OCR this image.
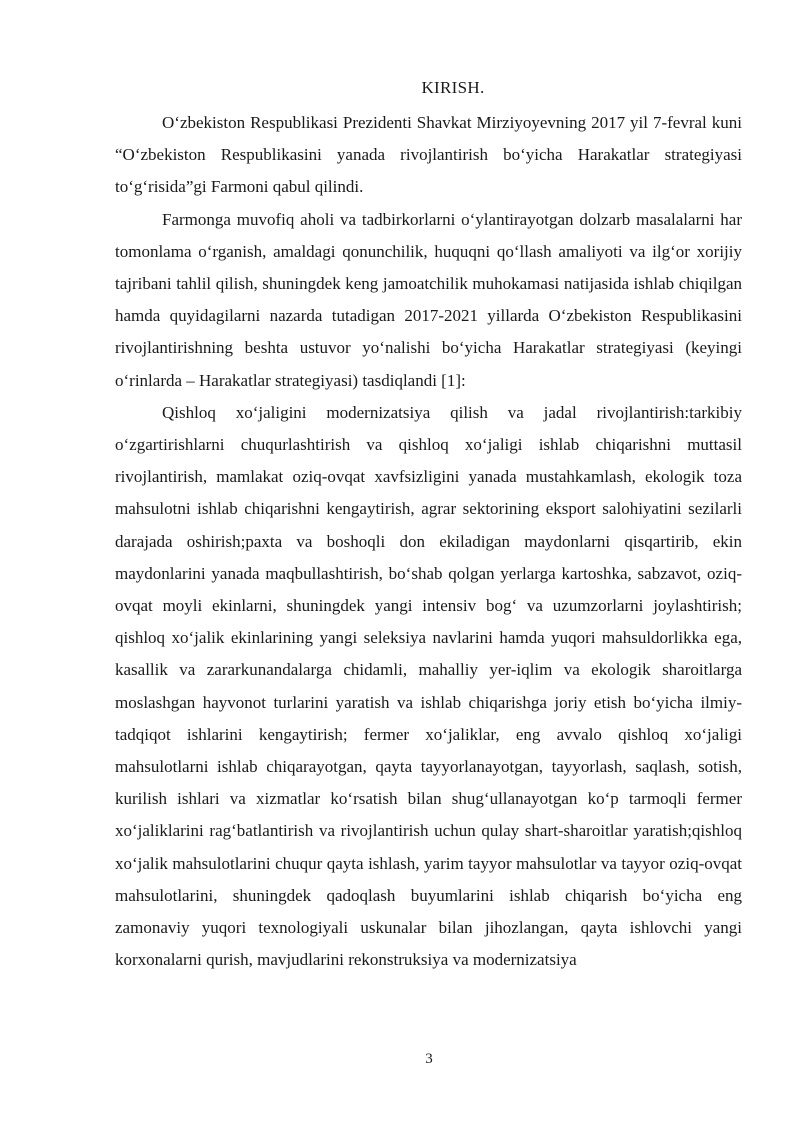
KIRISH.

O‘zbekiston Respublikasi Prezidenti Shavkat Mirziyoyevning 2017 yil 7-fevral kuni “O‘zbekiston Respublikasini yanada rivojlantirish bo‘yicha Harakatlar strategiyasi to‘g‘risida”gi Farmoni qabul qilindi.

Farmonga muvofiq aholi va tadbirkorlarni o‘ylantirayotgan dolzarb masalalarni har tomonlama o‘rganish, amaldagi qonunchilik, huquqni qo‘llash amaliyoti va ilg‘or xorijiy tajribani tahlil qilish, shuningdek keng jamoatchilik muhokamasi natijasida ishlab chiqilgan hamda quyidagilarni nazarda tutadigan 2017-2021 yillarda O‘zbekiston Respublikasini rivojlantirishning beshta ustuvor yo‘nalishi bo‘yicha Harakatlar strategiyasi (keyingi o‘rinlarda – Harakatlar strategiyasi) tasdiqlandi [1]:

Qishloq xo‘jaligini modernizatsiya qilish va jadal rivojlantirish:tarkibiy o‘zgartirishlarni chuqurlashtirish va qishloq xo‘jaligi ishlab chiqarishni muttasil rivojlantirish, mamlakat oziq-ovqat xavfsizligini yanada mustahkamlash, ekologik toza mahsulotni ishlab chiqarishni kengaytirish, agrar sektorining eksport salohiyatini sezilarli darajada oshirish;paxta va boshoqli don ekiladigan maydonlarni qisqartirib, ekin maydonlarini yanada maqbullashtirish, bo‘shab qolgan yerlarga kartoshka, sabzavot, oziq-ovqat moyli ekinlarni, shuningdek yangi intensiv bog‘ va uzumzorlarni joylashtirish; qishloq xo‘jalik ekinlarining yangi seleksiya navlarini hamda yuqori mahsuldorlikka ega, kasallik va zararkunandalarga chidamli, mahalliy yer-iqlim va ekologik sharoitlarga moslashgan hayvonot turlarini yaratish va ishlab chiqarishga joriy etish bo‘yicha ilmiy-tadqiqot ishlarini kengaytirish; fermer xo‘jaliklar, eng avvalo qishloq xo‘jaligi mahsulotlarni ishlab chiqarayotgan, qayta tayyorlanayotgan, tayyorlash, saqlash, sotish, kurilish ishlari va xizmatlar ko‘rsatish bilan shug‘ullanayotgan ko‘p tarmoqli fermer xo‘jaliklarini rag‘batlantirish va rivojlantirish uchun qulay shart-sharoitlar yaratish;qishloq xo‘jalik mahsulotlarini chuqur qayta ishlash, yarim tayyor mahsulotlar va tayyor oziq-ovqat mahsulotlarini, shuningdek qadoqlash buyumlarini ishlab chiqarish bo‘yicha eng zamonaviy yuqori texnologiyali uskunalar bilan jihozlangan, qayta ishlovchi yangi korxonalarni qurish, mavjudlarini rekonstruksiya va modernizatsiya

3
